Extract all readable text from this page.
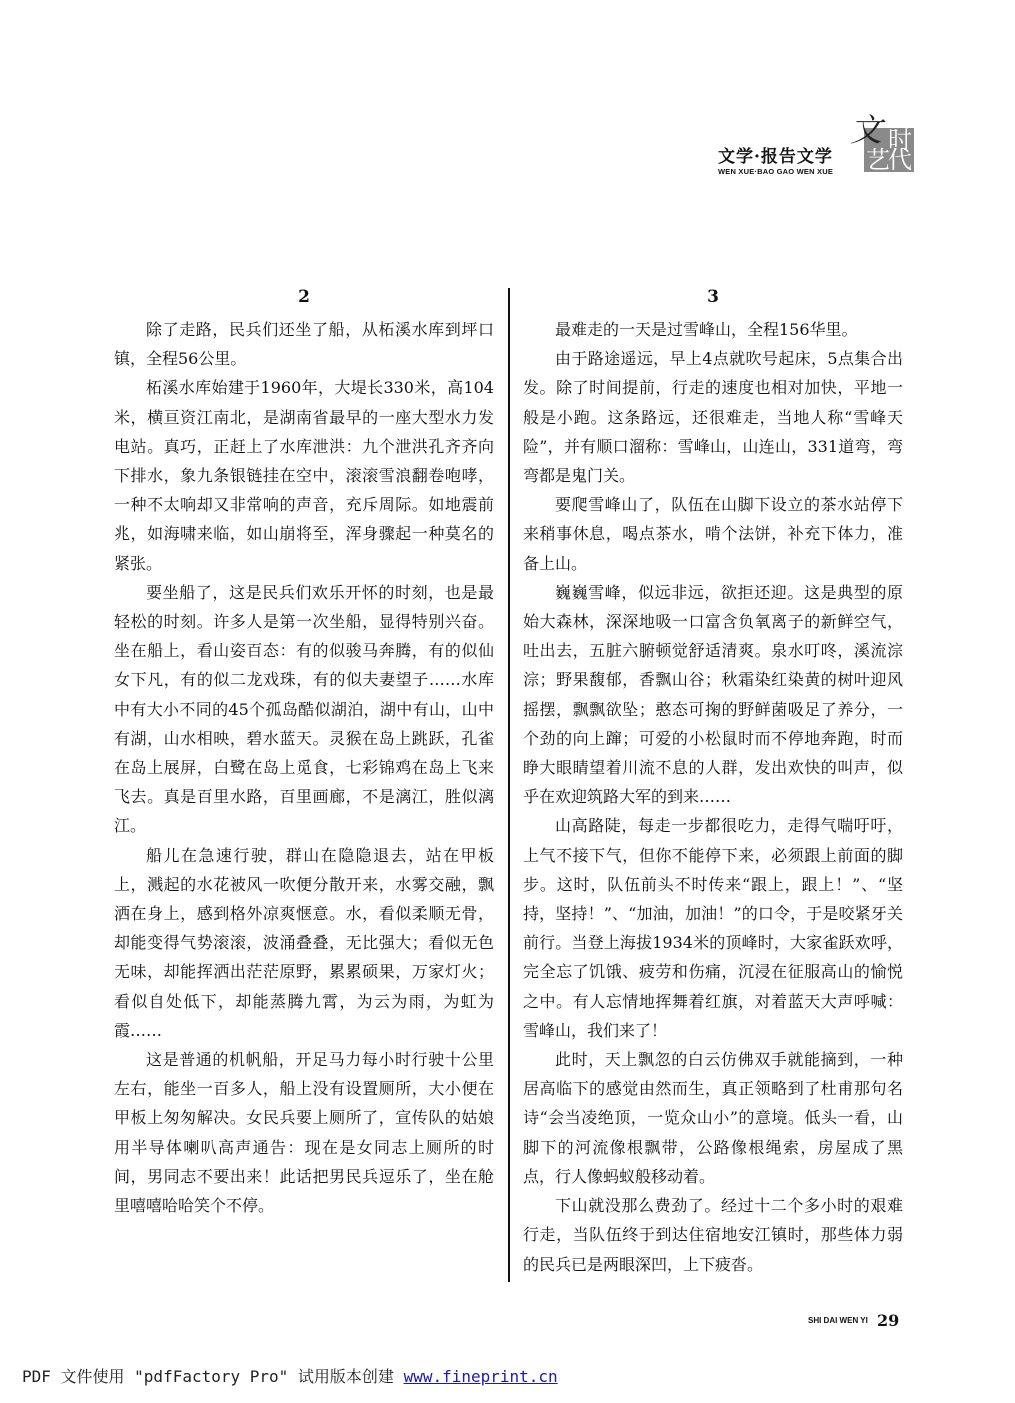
文学·报告文学
WEN XUE·BAO GAO WEN XUE
文 时
艺
代
2

除了走路，民兵们还坐了船，从柘溪水库到坪口镇，全程56公里。

柘溪水库始建于1960年，大堤长330米，高104米，横亘资江南北，是湖南省最早的一座大型水力发电站。真巧，正赶上了水库泄洪：九个泄洪孔齐齐向下排水，象九条银链挂在空中，滚滚雪浪翻卷咆哮，一种不太响却又非常响的声音，充斥周际。如地震前兆，如海啸来临，如山崩将至，浑身骤起一种莫名的紧张。

要坐船了，这是民兵们欢乐开怀的时刻，也是最轻松的时刻。许多人是第一次坐船，显得特别兴奋。坐在船上，看山姿百态：有的似骏马奔腾，有的似仙女下凡，有的似二龙戏珠，有的似夫妻望子……水库中有大小不同的45个孤岛酷似湖泊，湖中有山，山中有湖，山水相映，碧水蓝天。灵猴在岛上跳跃，孔雀在岛上展屏，白鹭在岛上觅食，七彩锦鸡在岛上飞来飞去。真是百里水路，百里画廊，不是漓江，胜似漓江。

船儿在急速行驶，群山在隐隐退去，站在甲板上，溅起的水花被风一吹便分散开来，水雾交融，飘洒在身上，感到格外凉爽惬意。水，看似柔顺无骨，却能变得气势滚滚，波涌叠叠，无比强大；看似无色无味，却能挥洒出茫茫原野，累累硕果，万家灯火；看似自处低下，却能蒸腾九霄，为云为雨，为虹为霞……

这是普通的机帆船，开足马力每小时行驶十公里左右，能坐一百多人，船上没有设置厕所，大小便在甲板上匆匆解决。女民兵要上厕所了，宣传队的姑娘用半导体喇叭高声通告：现在是女同志上厕所的时间，男同志不要出来！此话把男民兵逗乐了，坐在舱里嘻嘻哈哈笑个不停。

3

最难走的一天是过雪峰山，全程156华里。

由于路途遥远，早上4点就吹号起床，5点集合出发。除了时间提前，行走的速度也相对加快，平地一般是小跑。这条路远，还很难走，当地人称“雪峰天险”，并有顺口溜称：雪峰山，山连山，331道弯，弯弯都是鬼门关。

要爬雪峰山了，队伍在山脚下设立的茶水站停下来稍事休息，喝点茶水，啃个法饼，补充下体力，准备上山。

巍巍雪峰，似远非远，欲拒还迎。这是典型的原始大森林，深深地吸一口富含负氧离子的新鲜空气，吐出去，五脏六腑顿觉舒适清爽。泉水叮咚，溪流淙淙；野果馥郁，香飘山谷；秋霜染红染黄的树叶迎风摇摆，飘飘欲坠；憨态可掬的野鲜菌吸足了养分，一个劲的向上蹿；可爱的小松鼠时而不停地奔跑，时而睁大眼睛望着川流不息的人群，发出欢快的叫声，似乎在欢迎筑路大军的到来……

山高路陡，每走一步都很吃力，走得气喘吁吁，上气不接下气，但你不能停下来，必须跟上前面的脚步。这时，队伍前头不时传来“跟上，跟上！”、“坚持，坚持！”、“加油，加油！”的口令，于是咬紧牙关前行。当登上海拔1934米的顶峰时，大家雀跃欢呼，完全忘了饥饿、疲劳和伤痛，沉浸在征服高山的愉悦之中。有人忘情地挥舞着红旗，对着蓝天大声呼喊：雪峰山，我们来了！

此时，天上飘忽的白云仿佛双手就能摘到，一种居高临下的感觉由然而生，真正领略到了杜甫那句名诗“会当凌绝顶，一览众山小”的意境。低头一看，山脚下的河流像根飘带，公路像根绳索，房屋成了黑点，行人像蚂蚁般移动着。

下山就没那么费劲了。经过十二个多小时的艰难行走，当队伍终于到达住宿地安江镇时，那些体力弱的民兵已是两眼深凹，上下疲沓。

SHI DAI WEN YI 29
PDF 文件使用 "pdfFactory Pro" 试用版本创建 www.fineprint.cn
